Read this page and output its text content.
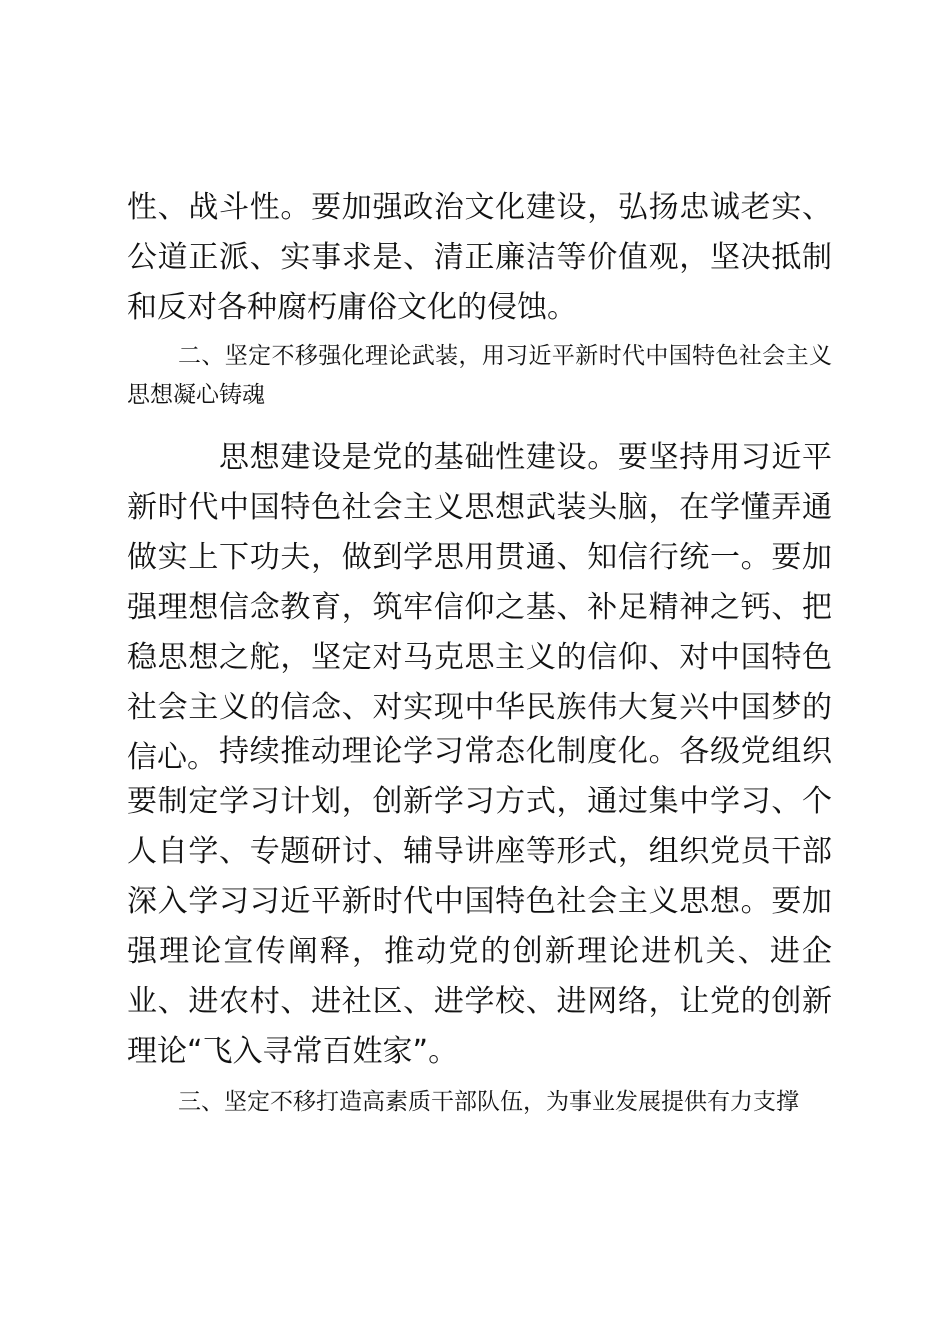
性、战斗性。要加强政治文化建设，弘扬忠诚老实、公道正派、实事求是、清正廉洁等价值观，坚决抵制和反对各种腐朽庸俗文化的侵蚀。

二、坚定不移强化理论武装，用习近平新时代中国特色社会主义思想凝心铸魂

思想建设是党的基础性建设。要坚持用习近平新时代中国特色社会主义思想武装头脑，在学懂弄通做实上下功夫，做到学思用贯通、知信行统一。要加强理想信念教育，筑牢信仰之基、补足精神之钙、把稳思想之舵，坚定对马克思主义的信仰、对中国特色社会主义的信念、对实现中华民族伟大复兴中国梦的信心。 持续推动理论学习常态化制度化。各级党组织要制定学习计划，创新学习方式，通过集中学习、个人自学、专题研讨、辅导讲座等形式，组织党员干部深入学习习近平新时代中国特色社会主义思想。要加强理论宣传阐释，推动党的创新理论进机关、进企业、进农村、进社区、进学校、进网络，让党的创新理论“飞入寻常百姓家”。

三、坚定不移打造高素质干部队伍，为事业发展提供有力支撑
